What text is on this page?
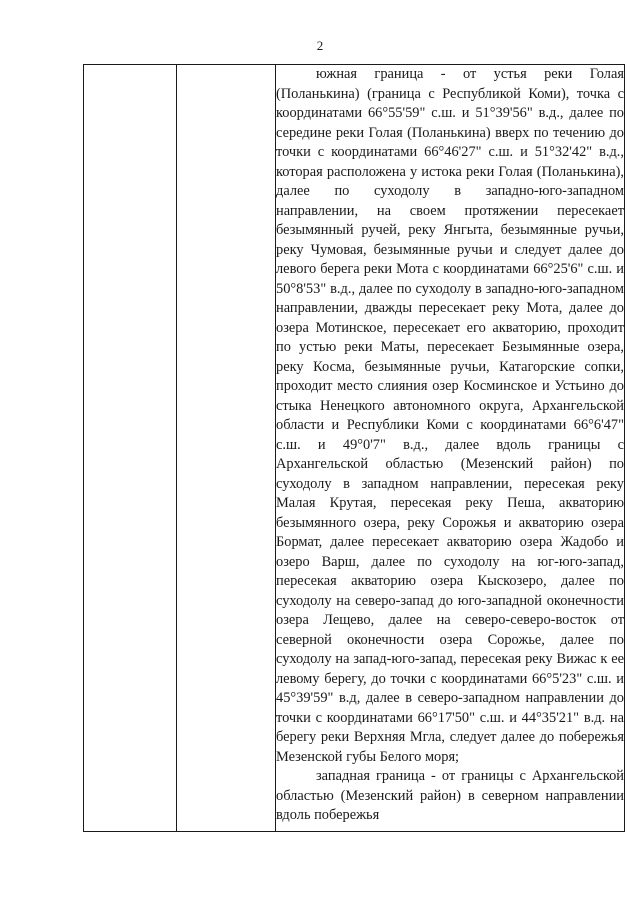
2

южная граница - от устья реки Голая (Поланькина) (граница с Республикой Коми), точка с координатами 66°55'59" с.ш. и 51°39'56" в.д., далее по середине реки Голая (Поланькина) вверх по течению до точки с координатами 66°46'27" с.ш. и 51°32'42" в.д., которая расположена у истока реки Голая (Поланькина), далее по суходолу в западно-юго-западном направлении, на своем протяжении пересекает безымянный ручей, реку Янгыта, безымянные ручьи, реку Чумовая, безымянные ручьи и следует далее до левого берега реки Мота с координатами 66°25'6" с.ш. и 50°8'53" в.д., далее по суходолу в западно-юго-западном направлении, дважды пересекает реку Мота, далее до озера Мотинское, пересекает его акваторию, проходит по устью реки Маты, пересекает Безымянные озера, реку Косма, безымянные ручьи, Катагорские сопки, проходит место слияния озер Косминское и Устьино до стыка Ненецкого автономного округа, Архангельской области и Республики Коми с координатами 66°6'47" с.ш. и 49°0'7" в.д., далее вдоль границы с Архангельской областью (Мезенский район) по суходолу в западном направлении, пересекая реку Малая Крутая, пересекая реку Пеша, акваторию безымянного озера, реку Сорожья и акваторию озера Бормат, далее пересекает акваторию озера Жадобо и озеро Варш, далее по суходолу на юг-юго-запад, пересекая акваторию озера Кыскозеро, далее по суходолу на северо-запад до юго-западной оконечности озера Лещево, далее на северо-северо-восток от северной оконечности озера Сорожье, далее по суходолу на запад-юго-запад, пересекая реку Вижас к ее левому берегу, до точки с координатами 66°5'23" с.ш. и 45°39'59" в.д, далее в северо-западном направлении до точки с координатами 66°17'50" с.ш. и 44°35'21" в.д. на берегу реки Верхняя Мгла, следует далее до побережья Мезенской губы Белого моря;

западная граница - от границы с Архангельской областью (Мезенский район) в северном направлении вдоль побережья
